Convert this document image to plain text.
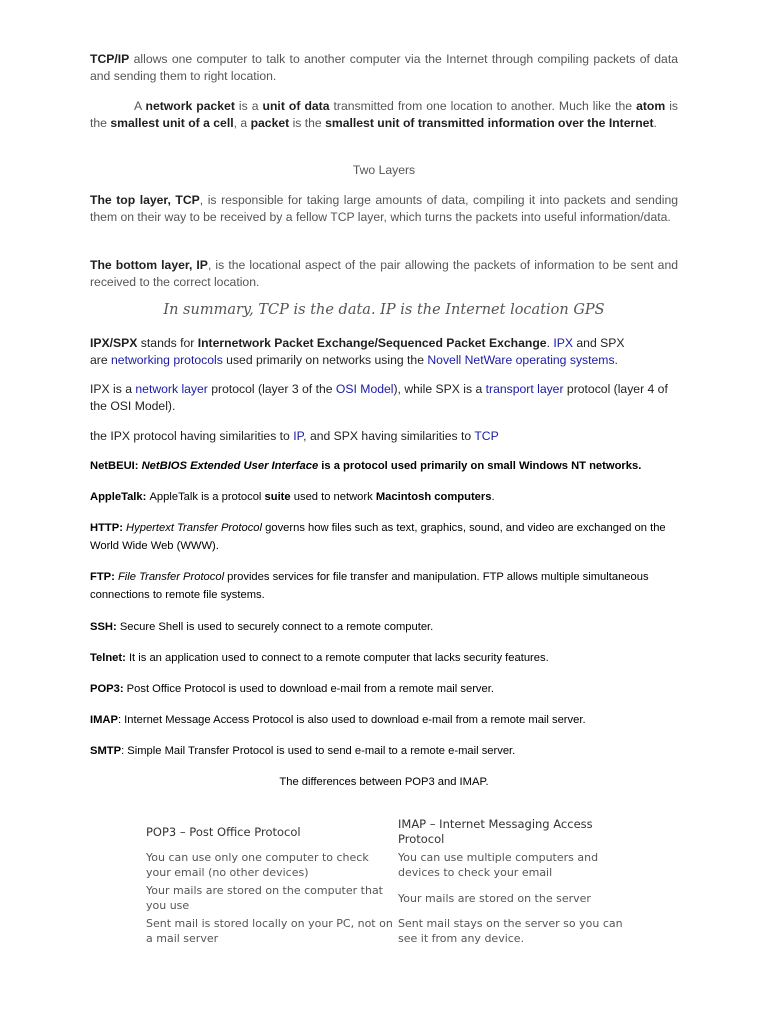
TCP/IP allows one computer to talk to another computer via the Internet through compiling packets of data and sending them to right location.
A network packet is a unit of data transmitted from one location to another. Much like the atom is the smallest unit of a cell, a packet is the smallest unit of transmitted information over the Internet.
Two Layers
The top layer, TCP, is responsible for taking large amounts of data, compiling it into packets and sending them on their way to be received by a fellow TCP layer, which turns the packets into useful information/data.
The bottom layer, IP, is the locational aspect of the pair allowing the packets of information to be sent and received to the correct location.
In summary, TCP is the data. IP is the Internet location GPS
IPX/SPX stands for Internetwork Packet Exchange/Sequenced Packet Exchange. IPX and SPX
are networking protocols used primarily on networks using the Novell NetWare operating systems.
IPX is a network layer protocol (layer 3 of the OSI Model), while SPX is a transport layer protocol (layer 4 of the OSI Model).
the IPX protocol having similarities to IP, and SPX having similarities to TCP
NetBEUI: NetBIOS Extended User Interface is a protocol used primarily on small Windows NT networks.
AppleTalk: AppleTalk is a protocol suite used to network Macintosh computers.
HTTP: Hypertext Transfer Protocol governs how files such as text, graphics, sound, and video are exchanged on the World Wide Web (WWW).
FTP: File Transfer Protocol provides services for file transfer and manipulation. FTP allows multiple simultaneous connections to remote file systems.
SSH: Secure Shell is used to securely connect to a remote computer.
Telnet: It is an application used to connect to a remote computer that lacks security features.
POP3: Post Office Protocol is used to download e-mail from a remote mail server.
IMAP: Internet Message Access Protocol is also used to download e-mail from a remote mail server.
SMTP: Simple Mail Transfer Protocol is used to send e-mail to a remote e-mail server.
The differences between POP3 and IMAP.
POP3 – Post Office Protocol	IMAP – Internet Messaging Access Protocol
You can use only one computer to check your email (no other devices)	You can use multiple computers and devices to check your email
Your mails are stored on the computer that you use	Your mails are stored on the server
Sent mail is stored locally on your PC, not on a mail server	Sent mail stays on the server so you can see it from any device.
